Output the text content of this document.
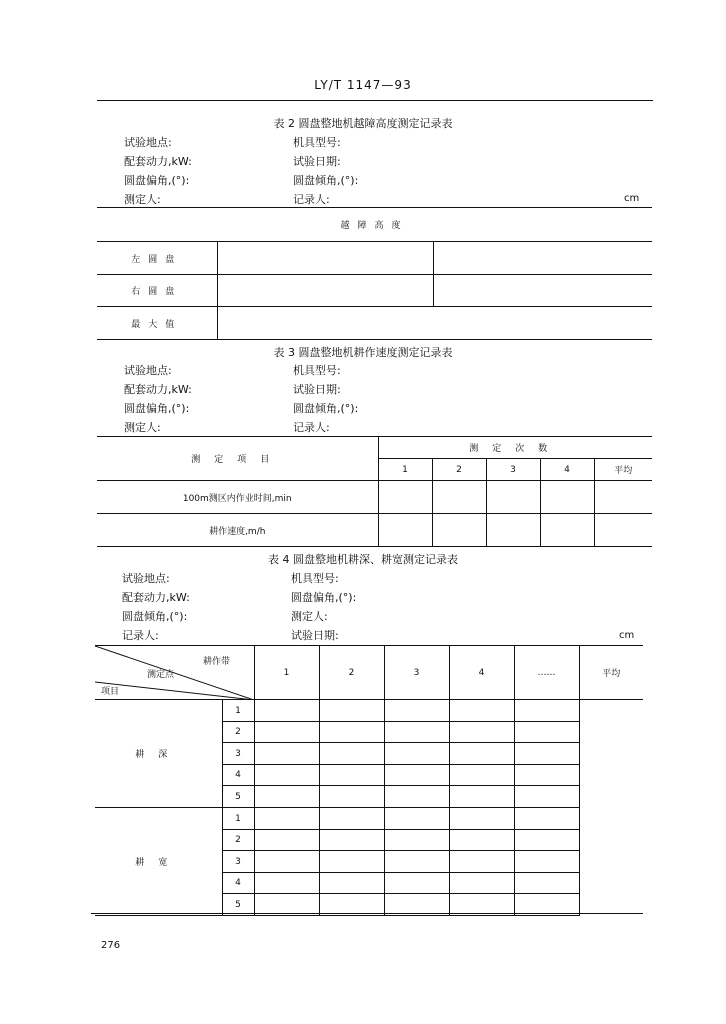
LY/T 1147—93
表 2 圆盘整地机越障高度测定记录表
试验地点:
配套动力,kW:
圆盘偏角,(°):
测定人:
机具型号:
试验日期:
圆盘倾角,(°):
记录人:	cm
越障高度		
左圆盘		
右圆盘		
最大值		
表 3 圆盘整地机耕作速度测定记录表
试验地点:
配套动力,kW:
圆盘偏角,(°):
测定人:
机具型号:
试验日期:
圆盘倾角,(°):
记录人:
测定项目	测定次数				
	1	2	3	4	平均
100m测区内作业时间,min					
耕作速度,m/h					
表 4 圆盘整地机耕深、耕宽测定记录表
试验地点:
配套动力,kW:
圆盘倾角,(°):
记录人:
机具型号:
圆盘偏角,(°):
测定人:
试验日期:	cm
耕作带
测定点
项目		1	2	3	4	……	平均
耕深	1						
	2						
	3						
	4						
	5						
耕宽	1						
	2						
	3						
	4						
	5						
276
